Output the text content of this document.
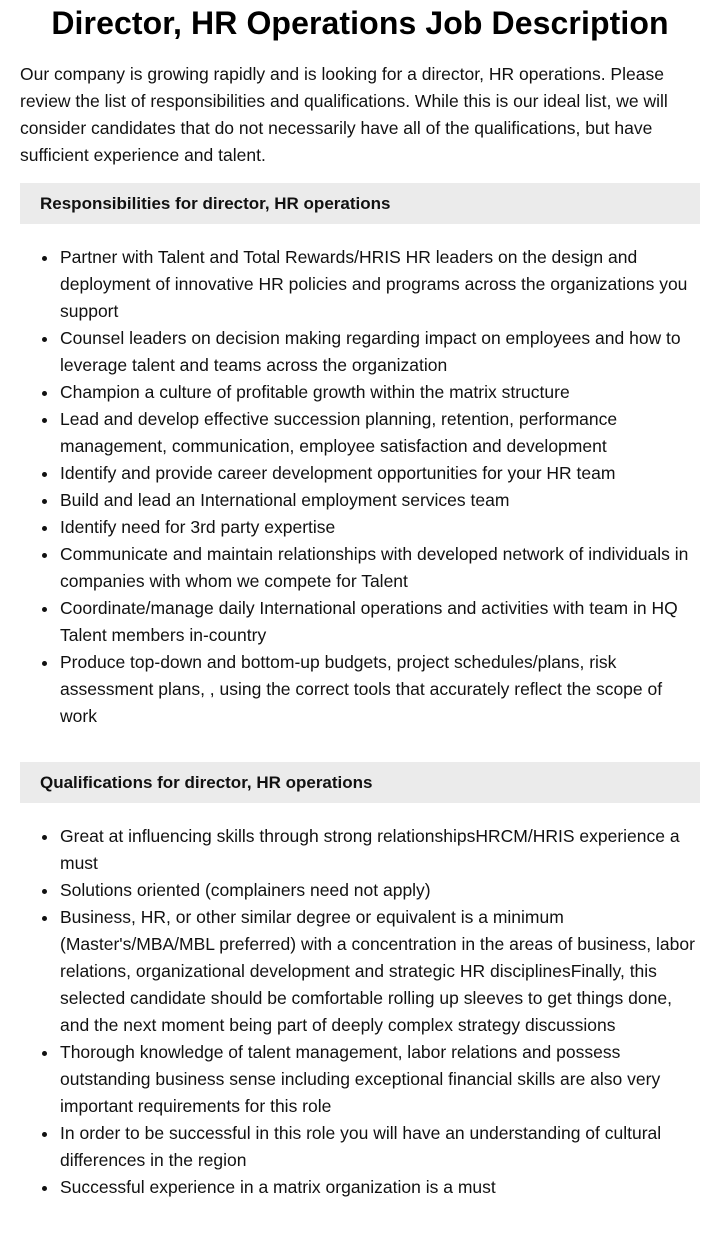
Director, HR Operations Job Description

Our company is growing rapidly and is looking for a director, HR operations. Please review the list of responsibilities and qualifications. While this is our ideal list, we will consider candidates that do not necessarily have all of the qualifications, but have sufficient experience and talent.

Responsibilities for director, HR operations
Partner with Talent and Total Rewards/HRIS HR leaders on the design and deployment of innovative HR policies and programs across the organizations you support
Counsel leaders on decision making regarding impact on employees and how to leverage talent and teams across the organization
Champion a culture of profitable growth within the matrix structure
Lead and develop effective succession planning, retention, performance management, communication, employee satisfaction and development
Identify and provide career development opportunities for your HR team
Build and lead an International employment services team
Identify need for 3rd party expertise
Communicate and maintain relationships with developed network of individuals in companies with whom we compete for Talent
Coordinate/manage daily International operations and activities with team in HQ Talent members in-country
Produce top-down and bottom-up budgets, project schedules/plans, risk assessment plans, , using the correct tools that accurately reflect the scope of work
Qualifications for director, HR operations
Great at influencing skills through strong relationshipsHRCM/HRIS experience a must
Solutions oriented (complainers need not apply)
Business, HR, or other similar degree or equivalent is a minimum (Master's/MBA/MBL preferred) with a concentration in the areas of business, labor relations, organizational development and strategic HR disciplinesFinally, this selected candidate should be comfortable rolling up sleeves to get things done, and the next moment being part of deeply complex strategy discussions
Thorough knowledge of talent management, labor relations and possess outstanding business sense including exceptional financial skills are also very important requirements for this role
In order to be successful in this role you will have an understanding of cultural differences in the region
Successful experience in a matrix organization is a must
